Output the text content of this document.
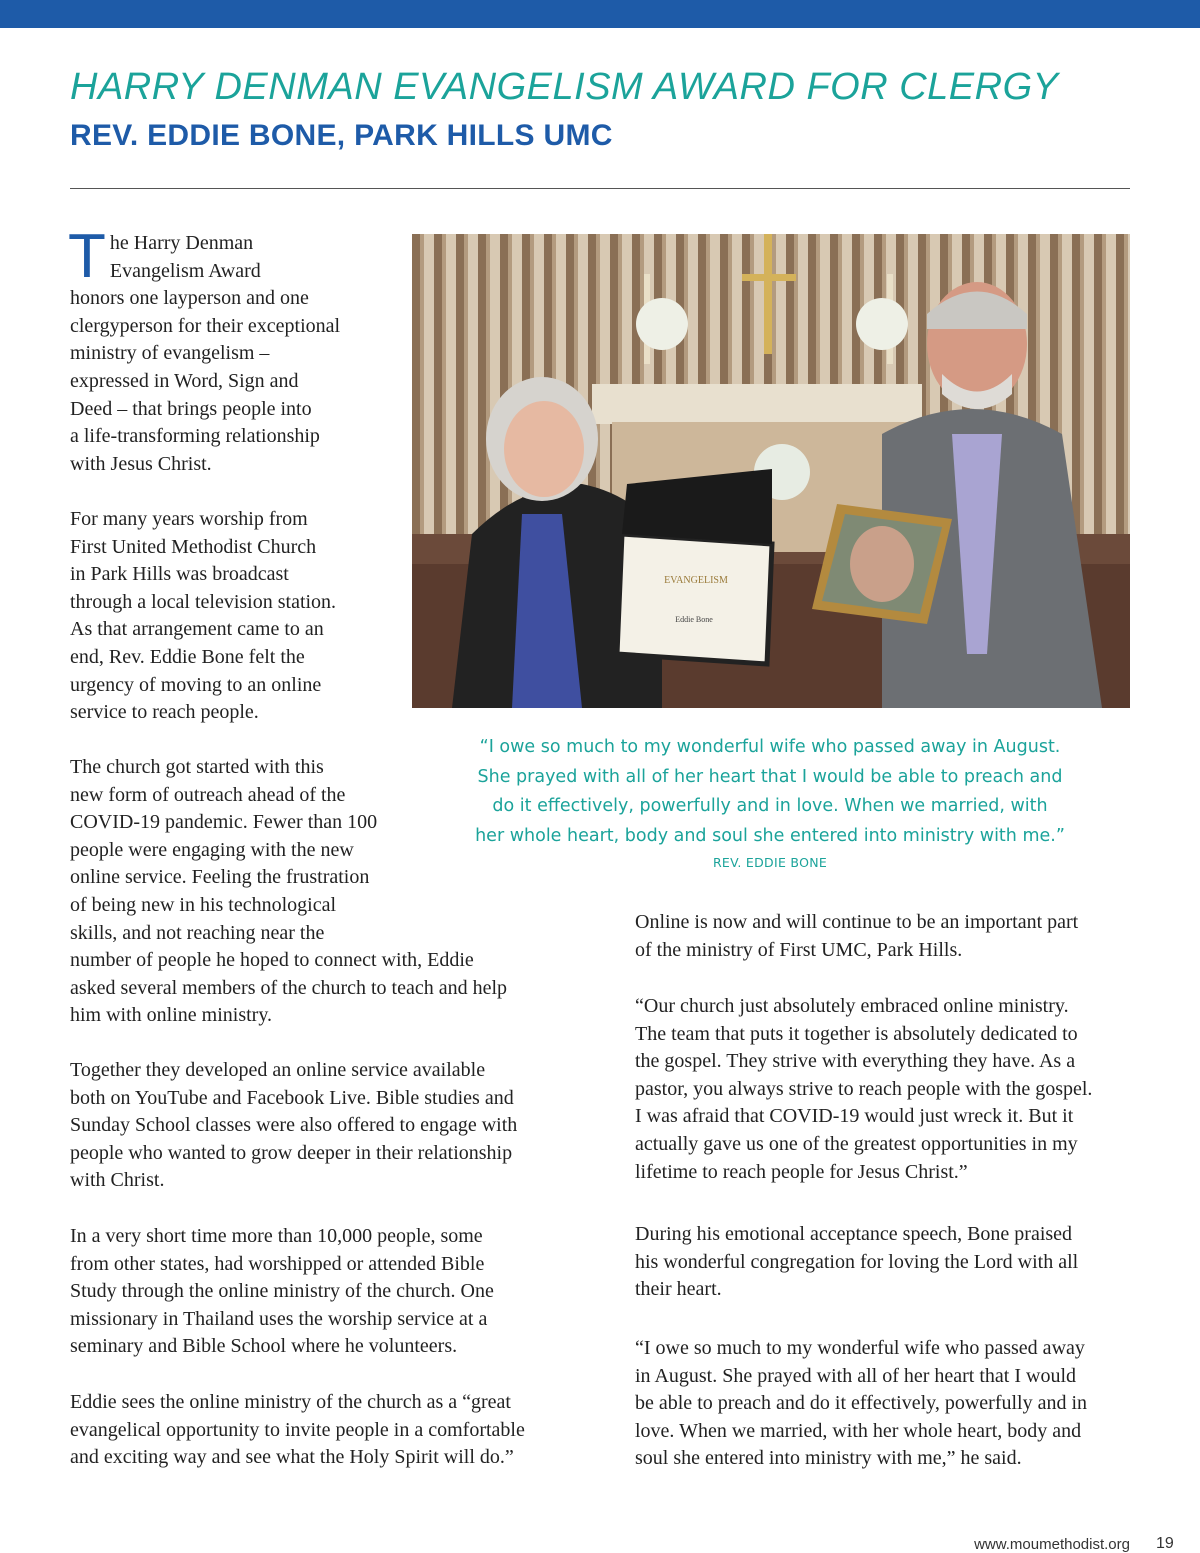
HARRY DENMAN EVANGELISM AWARD FOR CLERGY
REV. EDDIE BONE, PARK HILLS UMC
T he Harry Denman
Evangelism Award
honors one layperson and one
clergyperson for their exceptional
ministry of evangelism –
expressed in Word, Sign and
Deed – that brings people into
a life-transforming relationship
with Jesus Christ.
For many years worship from
First United Methodist Church
in Park Hills was broadcast
through a local television station.
As that arrangement came to an
end, Rev. Eddie Bone felt the
urgency of moving to an online
service to reach people.
The church got started with this
new form of outreach ahead of the
COVID-19 pandemic. Fewer than 100
people were engaging with the new
online service. Feeling the frustration
of being new in his technological
skills, and not reaching near the
number of people he hoped to connect with, Eddie
asked several members of the church to teach and help
him with online ministry.
Together they developed an online service available
both on YouTube and Facebook Live. Bible studies and
Sunday School classes were also offered to engage with
people who wanted to grow deeper in their relationship
with Christ.
In a very short time more than 10,000 people, some
from other states, had worshipped or attended Bible
Study through the online ministry of the church. One
missionary in Thailand uses the worship service at a
seminary and Bible School where he volunteers.
Eddie sees the online ministry of the church as a “great
evangelical opportunity to invite people in a comfortable
and exciting way and see what the Holy Spirit will do.”
Online is now and will continue to be an important part
of the ministry of First UMC, Park Hills.
“Our church just absolutely embraced online ministry.
The team that puts it together is absolutely dedicated to
the gospel. They strive with everything they have. As a
pastor, you always strive to reach people with the gospel.
I was afraid that COVID-19 would just wreck it. But it
actually gave us one of the greatest opportunities in my
lifetime to reach people for Jesus Christ.”
During his emotional acceptance speech, Bone praised
his wonderful congregation for loving the Lord with all
their heart.
“I owe so much to my wonderful wife who passed away
in August. She prayed with all of her heart that I would
be able to preach and do it effectively, powerfully and in
love. When we married, with her whole heart, body and
soul she entered into ministry with me,” he said.
EVANGELISM
Eddie Bone
“I owe so much to my wonderful wife who passed away in August.
She prayed with all of her heart that I would be able to preach and
do it effectively, powerfully and in love. When we married, with
her whole heart, body and soul she entered into ministry with me.”
REV. EDDIE BONE
www.moumethodist.org 19
